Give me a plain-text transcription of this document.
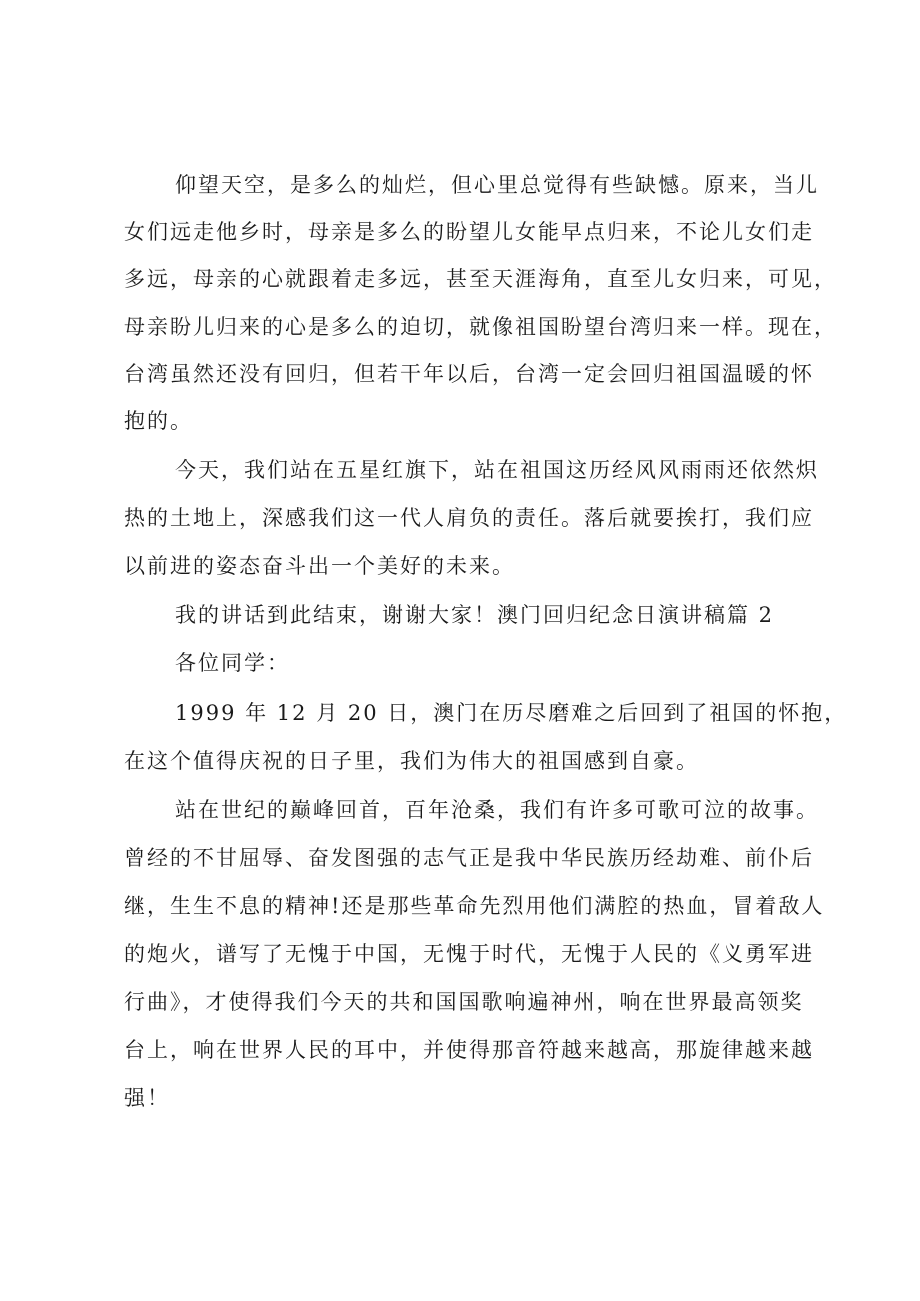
仰望天空，是多么的灿烂，但心里总觉得有些缺憾。原来，当儿
女们远走他乡时，母亲是多么的盼望儿女能早点归来，不论儿女们走
多远，母亲的心就跟着走多远，甚至天涯海角，直至儿女归来，可见，
母亲盼儿归来的心是多么的迫切，就像祖国盼望台湾归来一样。现在，
台湾虽然还没有回归，但若干年以后，台湾一定会回归祖国温暖的怀
抱的。
今天，我们站在五星红旗下，站在祖国这历经风风雨雨还依然炽
热的土地上，深感我们这一代人肩负的责任。落后就要挨打，我们应
以前进的姿态奋斗出一个美好的未来。
我的讲话到此结束，谢谢大家！澳门回归纪念日演讲稿篇 2
各位同学：
1999 年 12 月 20 日，澳门在历尽磨难之后回到了祖国的怀抱，
在这个值得庆祝的日子里，我们为伟大的祖国感到自豪。
站在世纪的巅峰回首，百年沧桑，我们有许多可歌可泣的故事。
曾经的不甘屈辱、奋发图强的志气正是我中华民族历经劫难、前仆后
继，生生不息的精神!还是那些革命先烈用他们满腔的热血，冒着敌人
的炮火，谱写了无愧于中国，无愧于时代，无愧于人民的《义勇军进
行曲》，才使得我们今天的共和国国歌响遍神州，响在世界最高领奖
台上，响在世界人民的耳中，并使得那音符越来越高，那旋律越来越
强！
